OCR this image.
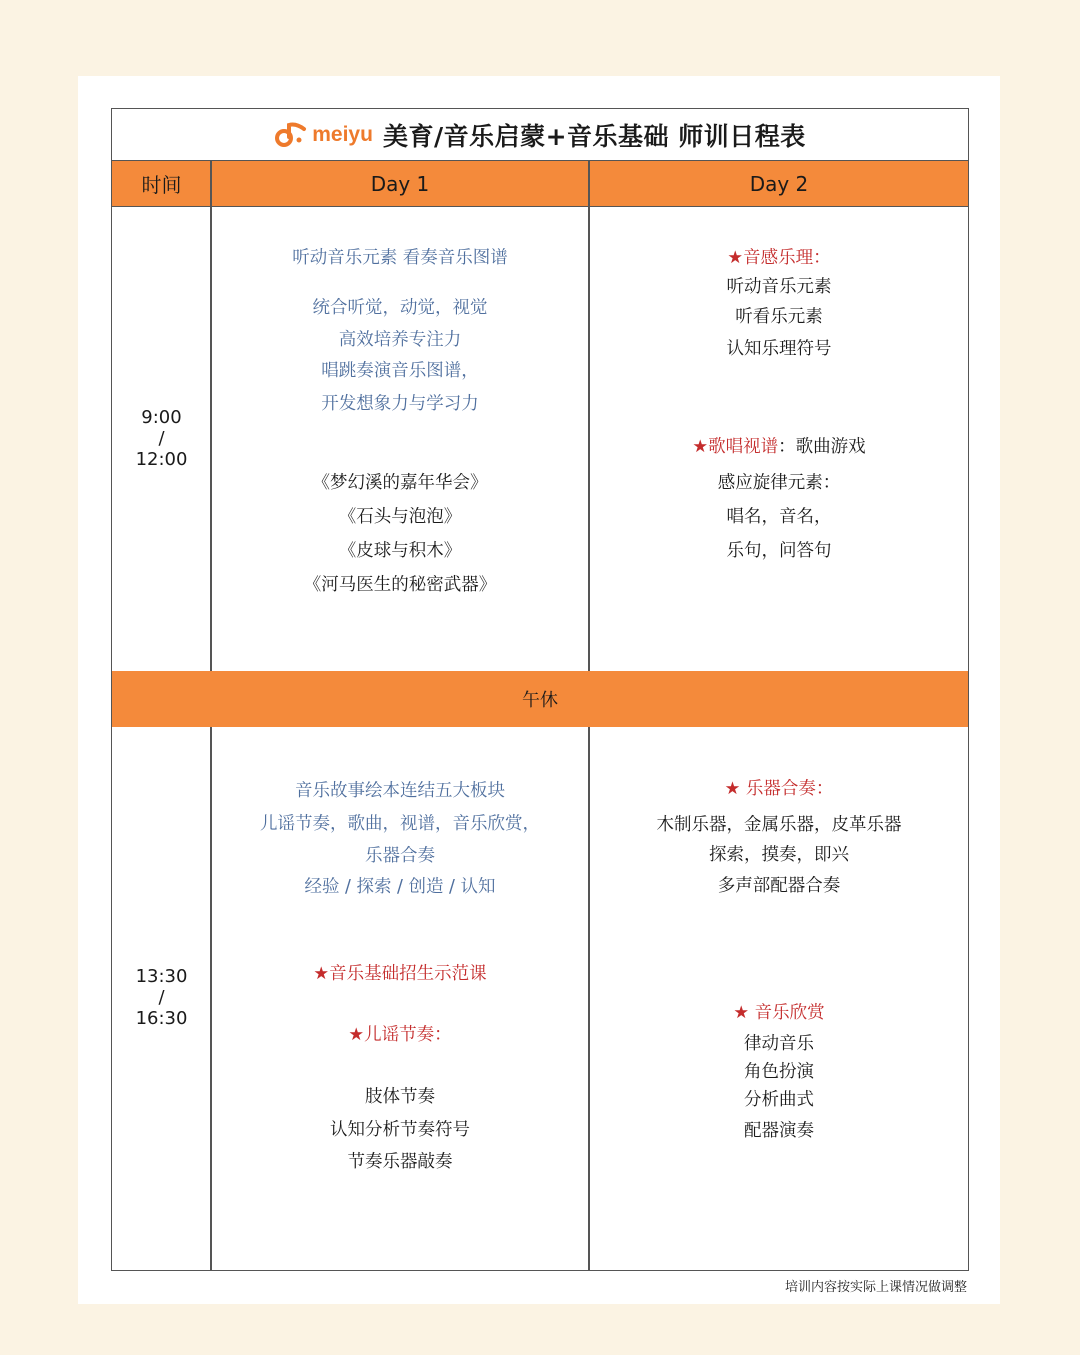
meiyu 美育/音乐启蒙+音乐基础 师训日程表
时间	Day 1	Day 2
9:00
/
12:00
听动音乐元素 看奏音乐图谱
统合听觉，动觉，视觉
高效培养专注力
唱跳奏演音乐图谱，
开发想象力与学习力
《梦幻溪的嘉年华会》
《石头与泡泡》
《皮球与积木》
《河马医生的秘密武器》
★音感乐理：
听动音乐元素
听看乐元素
认知乐理符号
★歌唱视谱：歌曲游戏
感应旋律元素：
唱名，音名，
乐句，问答句
午休
13:30
/
16:30
音乐故事绘本连结五大板块
儿谣节奏，歌曲，视谱，音乐欣赏，
乐器合奏
经验 / 探索 / 创造 / 认知
★音乐基础招生示范课
★儿谣节奏：
肢体节奏
认知分析节奏符号
节奏乐器敲奏
★ 乐器合奏：
木制乐器，金属乐器，皮革乐器
探索，摸奏，即兴
多声部配器合奏
★ 音乐欣赏
律动音乐
角色扮演
分析曲式
配器演奏
培训内容按实际上课情况做调整
